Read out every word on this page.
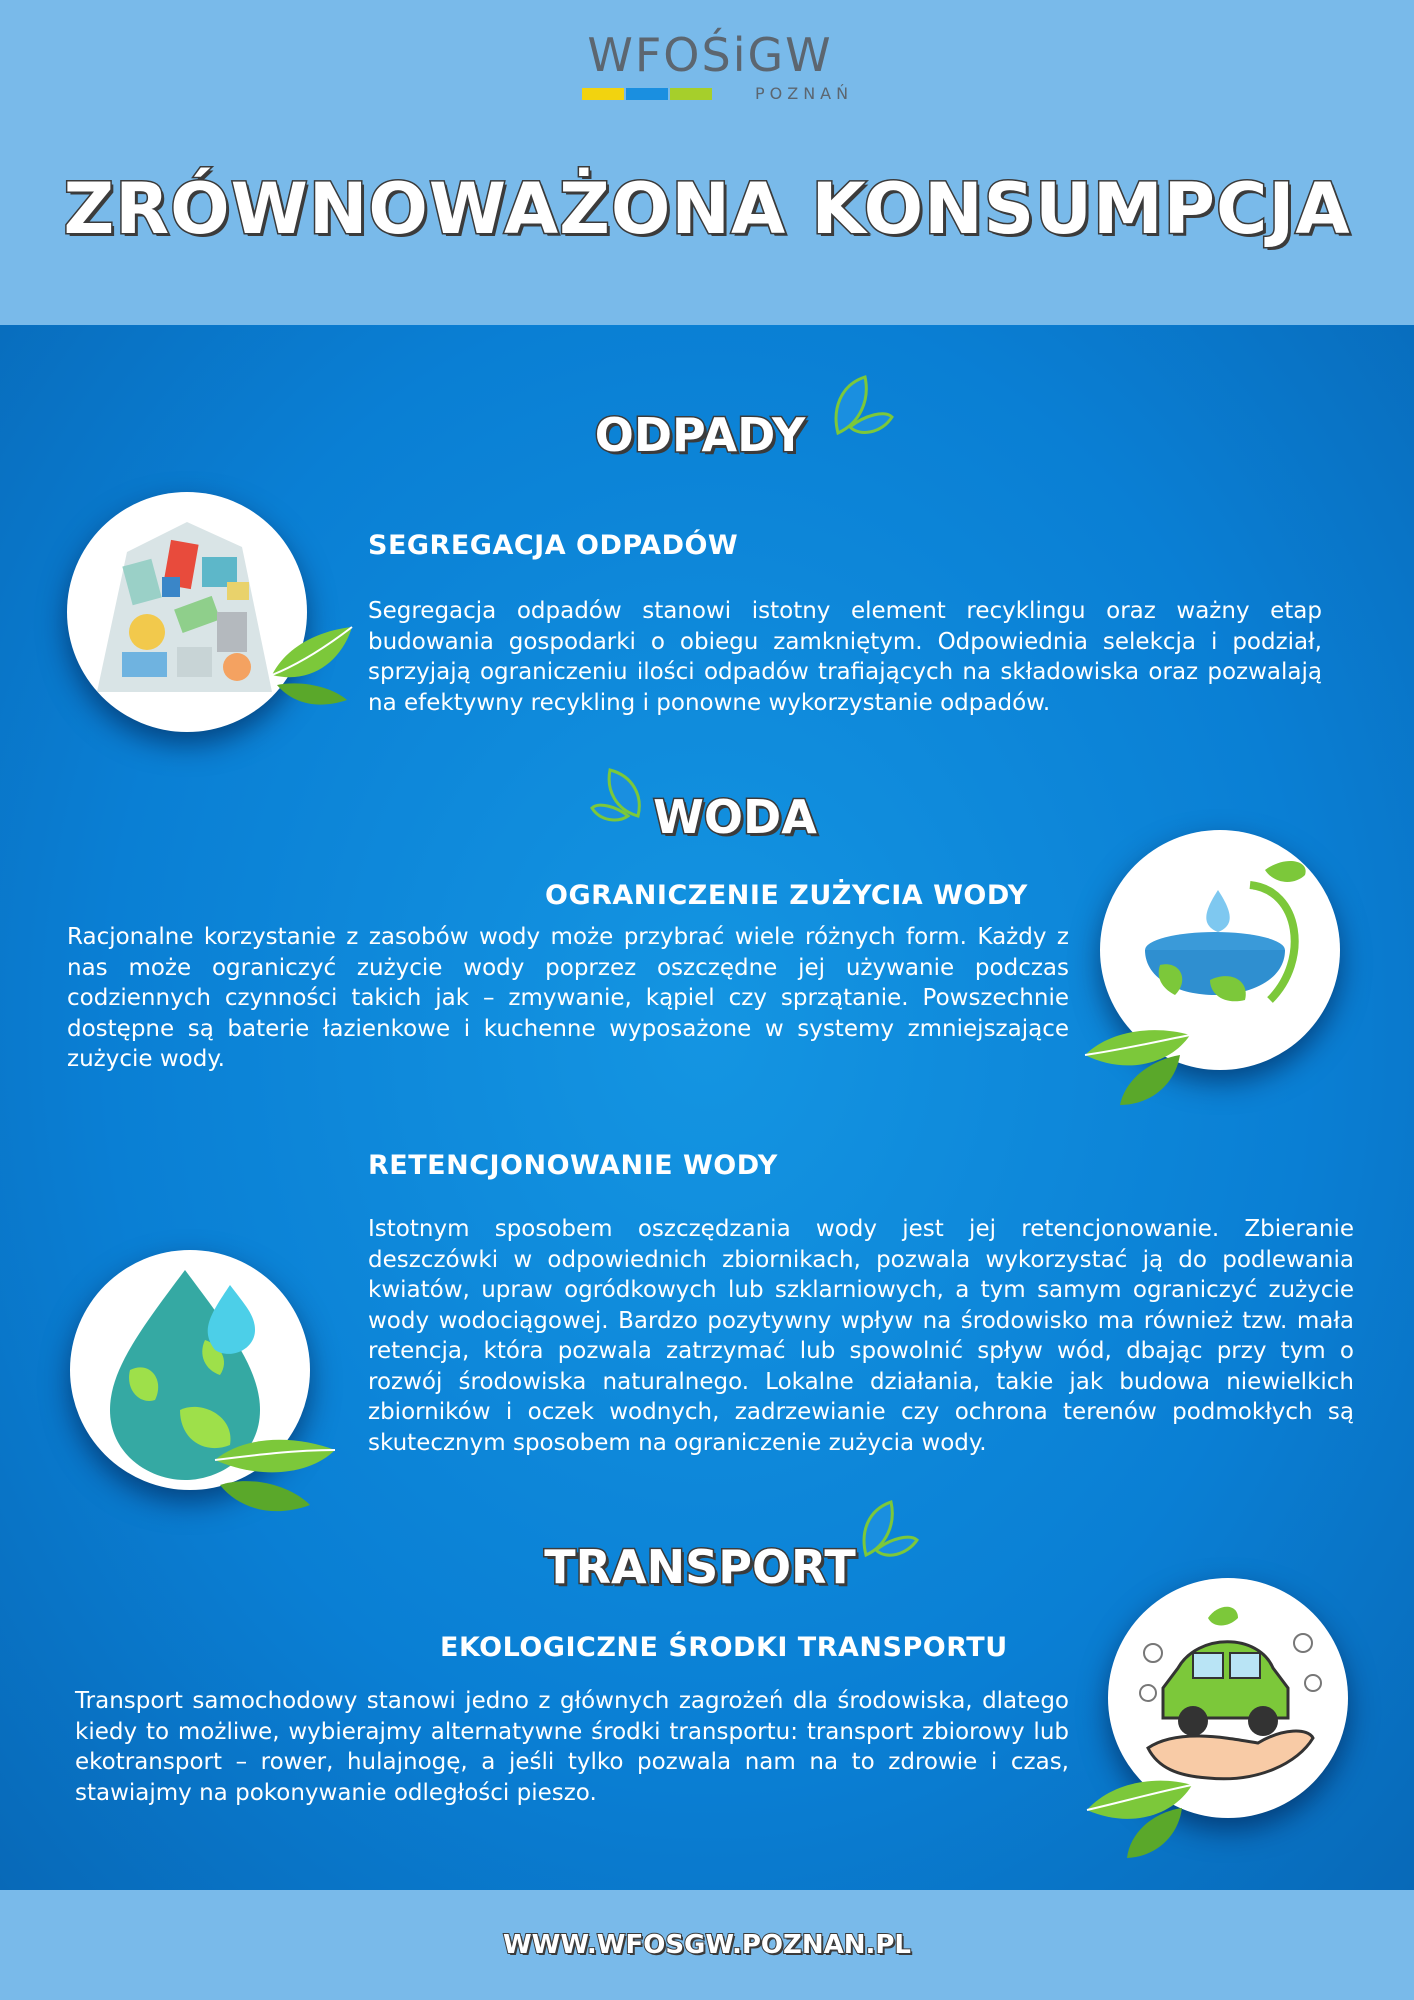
WFOŚiGW
POZNAŃ
ZRÓWNOWAŻONA KONSUMPCJA
ODPADY
SEGREGACJA ODPADÓW
Segregacja odpadów stanowi istotny element recyklingu oraz ważny etap budowania gospodarki o obiegu zamkniętym. Odpowiednia selekcja i podział, sprzyjają ograniczeniu ilości odpadów trafiających na składowiska oraz pozwalają na efektywny recykling i ponowne wykorzystanie odpadów.
WODA
OGRANICZENIE ZUŻYCIA WODY
Racjonalne korzystanie z zasobów wody może przybrać wiele różnych form. Każdy z nas może ograniczyć zużycie wody poprzez oszczędne jej używanie podczas codziennych czynności takich jak – zmywanie, kąpiel czy sprzątanie. Powszechnie dostępne są baterie łazienkowe i kuchenne wyposażone w systemy zmniejszające zużycie wody.
RETENCJONOWANIE WODY
Istotnym sposobem oszczędzania wody jest jej retencjonowanie. Zbieranie deszczówki w odpowiednich zbiornikach, pozwala wykorzystać ją do podlewania kwiatów, upraw ogródkowych lub szklarniowych, a tym samym ograniczyć zużycie wody wodociągowej. Bardzo pozytywny wpływ na środowisko ma również tzw. mała retencja, która pozwala zatrzymać lub spowolnić spływ wód, dbając przy tym o rozwój środowiska naturalnego. Lokalne działania, takie jak budowa niewielkich zbiorników i oczek wodnych, zadrzewianie czy ochrona terenów podmokłych są skutecznym sposobem na ograniczenie zużycia wody.
TRANSPORT
EKOLOGICZNE ŚRODKI TRANSPORTU
Transport samochodowy stanowi jedno z głównych zagrożeń dla środowiska, dlatego kiedy to możliwe, wybierajmy alternatywne środki transportu: transport zbiorowy lub ekotransport – rower, hulajnogę, a jeśli tylko pozwala nam na to zdrowie i czas, stawiajmy na pokonywanie odległości pieszo.
WWW.WFOSGW.POZNAN.PL
